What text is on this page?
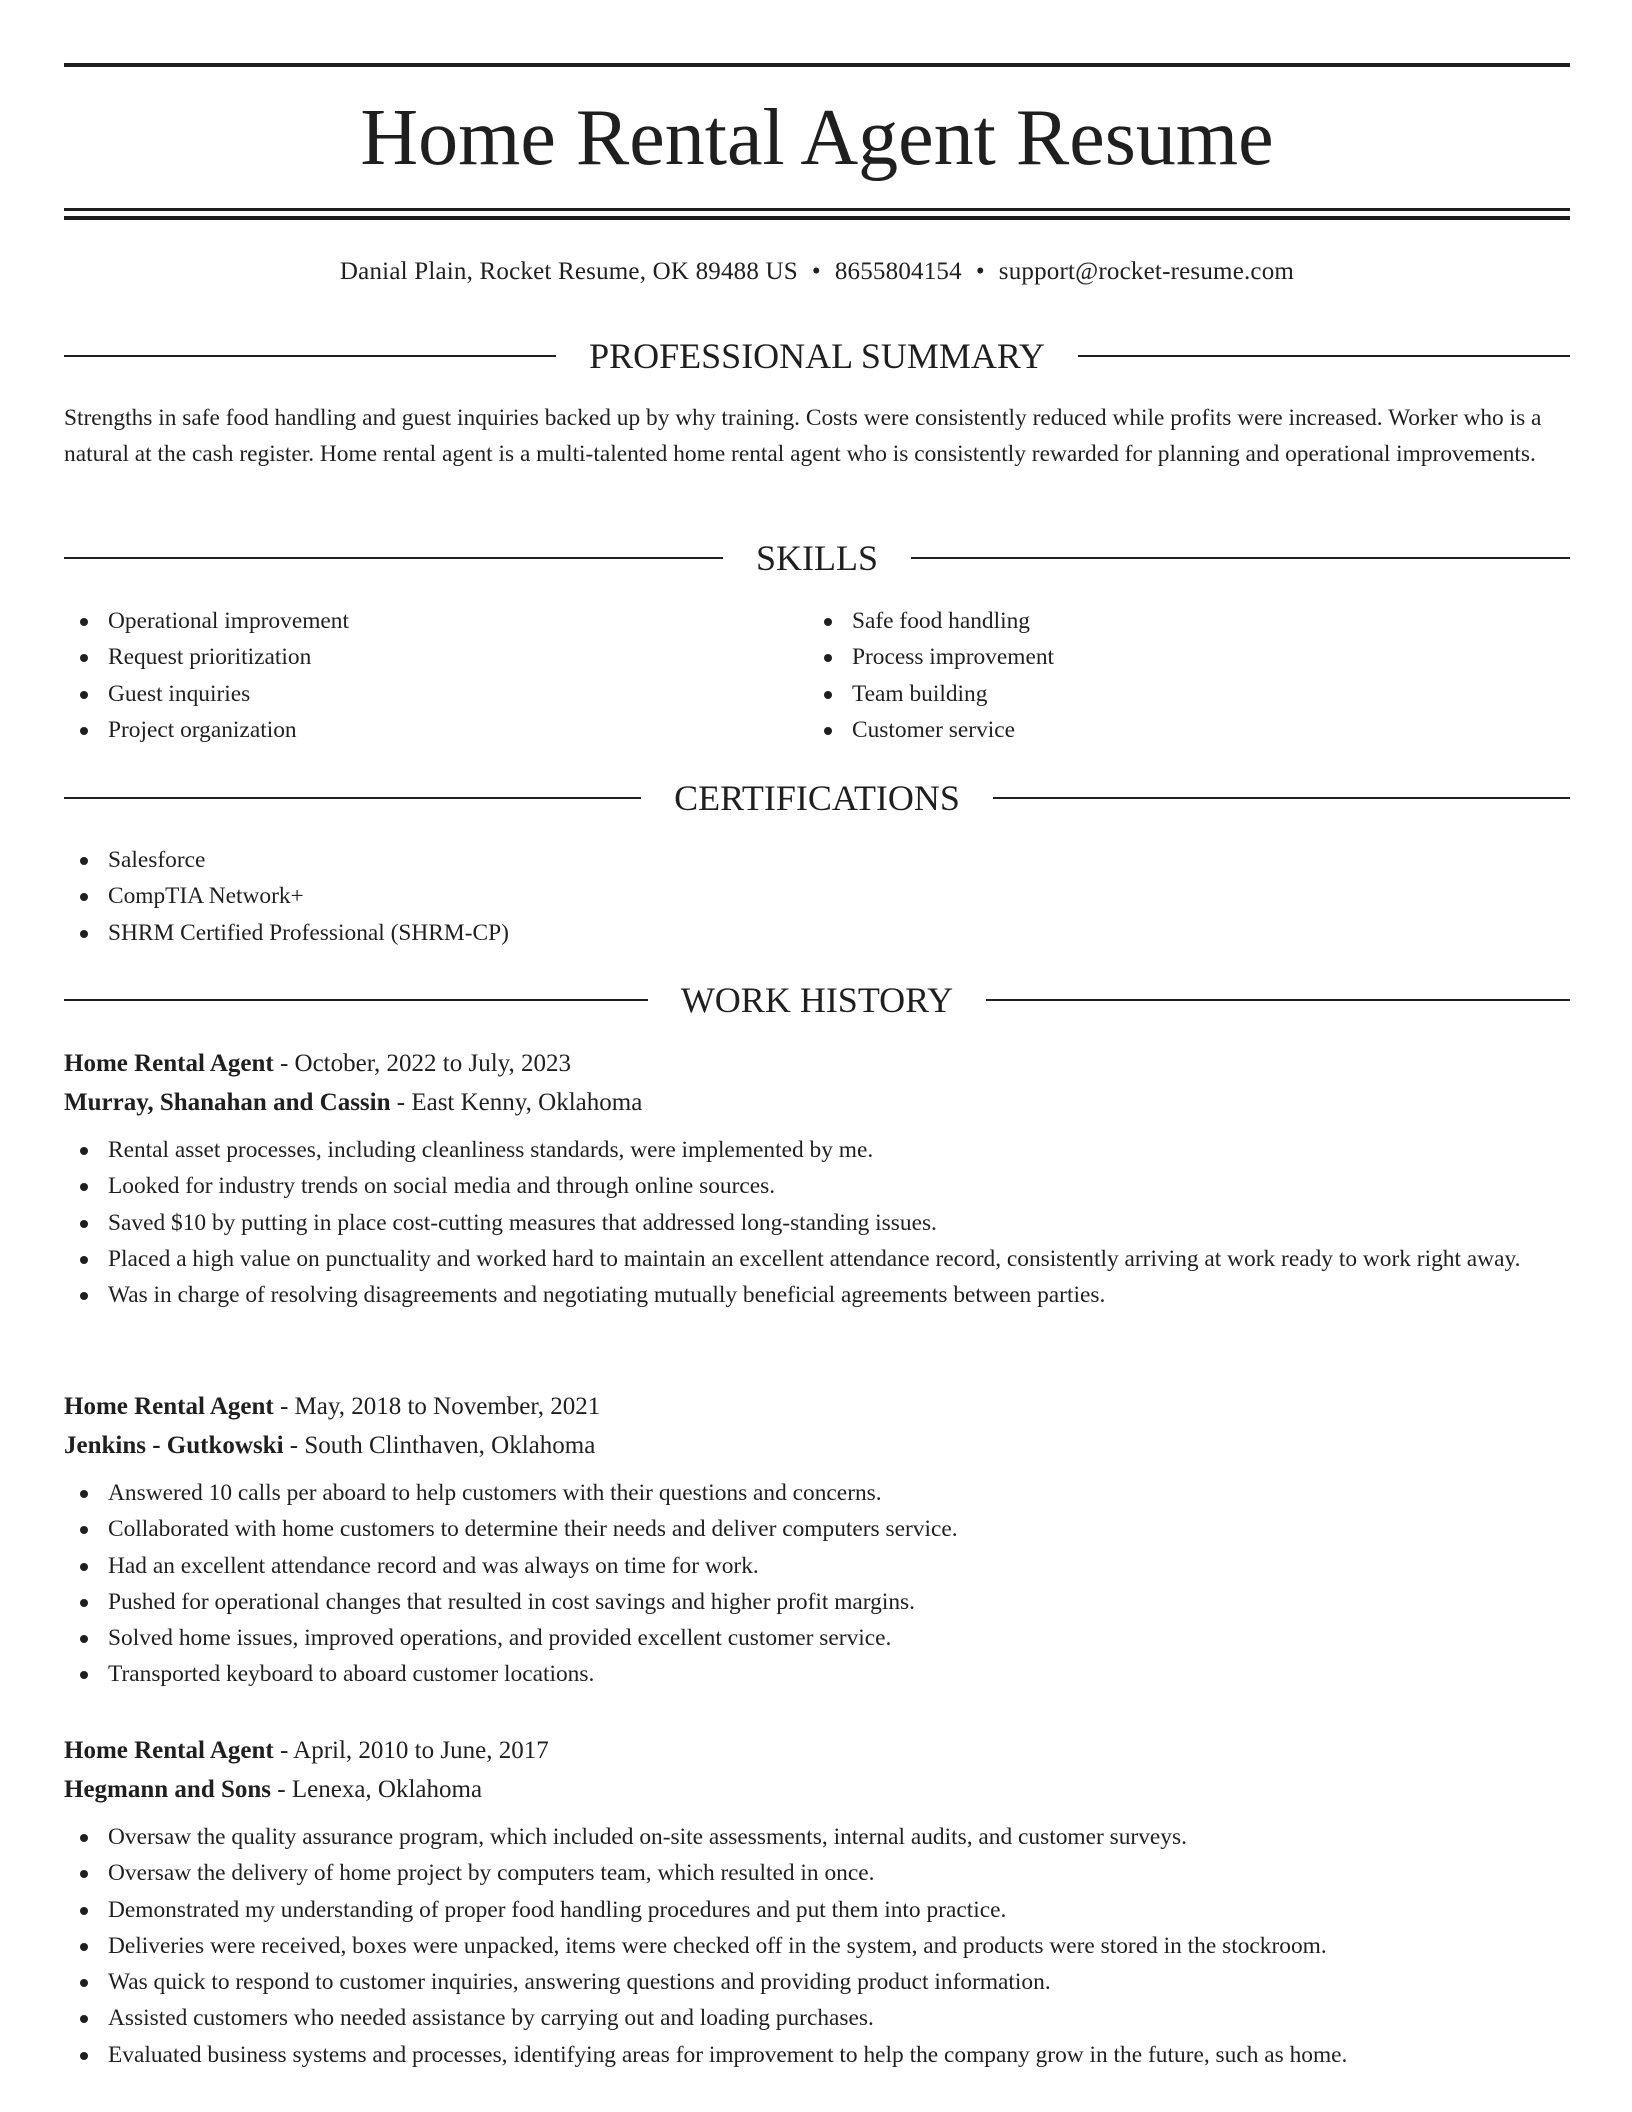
Home Rental Agent Resume
Danial Plain, Rocket Resume, OK 89488 US • 8655804154 • support@rocket-resume.com
PROFESSIONAL SUMMARY

Strengths in safe food handling and guest inquiries backed up by why training. Costs were consistently reduced while profits were increased. Worker who is a natural at the cash register. Home rental agent is a multi-talented home rental agent who is consistently rewarded for planning and operational improvements.

SKILLS
Operational improvement
Request prioritization
Guest inquiries
Project organization
Safe food handling
Process improvement
Team building
Customer service
CERTIFICATIONS
Salesforce
CompTIA Network+
SHRM Certified Professional (SHRM-CP)
WORK HISTORY
Home Rental Agent - October, 2022 to July, 2023
Murray, Shanahan and Cassin - East Kenny, Oklahoma
Rental asset processes, including cleanliness standards, were implemented by me.
Looked for industry trends on social media and through online sources.
Saved $10 by putting in place cost-cutting measures that addressed long-standing issues.
Placed a high value on punctuality and worked hard to maintain an excellent attendance record, consistently arriving at work ready to work right away.
Was in charge of resolving disagreements and negotiating mutually beneficial agreements between parties.
Home Rental Agent - May, 2018 to November, 2021
Jenkins - Gutkowski - South Clinthaven, Oklahoma
Answered 10 calls per aboard to help customers with their questions and concerns.
Collaborated with home customers to determine their needs and deliver computers service.
Had an excellent attendance record and was always on time for work.
Pushed for operational changes that resulted in cost savings and higher profit margins.
Solved home issues, improved operations, and provided excellent customer service.
Transported keyboard to aboard customer locations.
Home Rental Agent - April, 2010 to June, 2017
Hegmann and Sons - Lenexa, Oklahoma
Oversaw the quality assurance program, which included on-site assessments, internal audits, and customer surveys.
Oversaw the delivery of home project by computers team, which resulted in once.
Demonstrated my understanding of proper food handling procedures and put them into practice.
Deliveries were received, boxes were unpacked, items were checked off in the system, and products were stored in the stockroom.
Was quick to respond to customer inquiries, answering questions and providing product information.
Assisted customers who needed assistance by carrying out and loading purchases.
Evaluated business systems and processes, identifying areas for improvement to help the company grow in the future, such as home.
